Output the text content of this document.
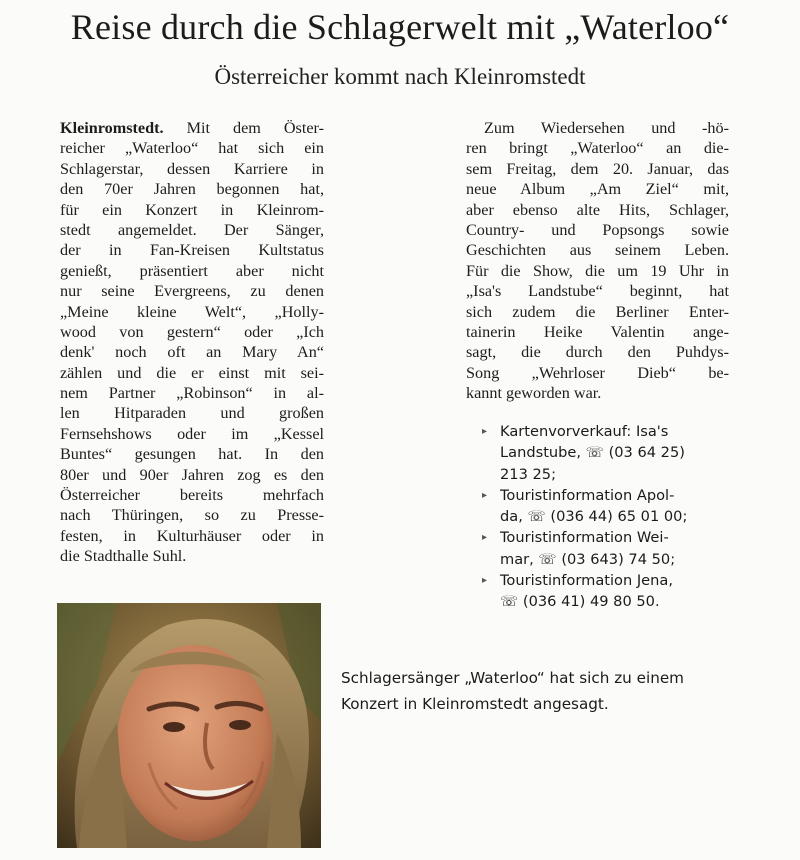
Reise durch die Schlagerwelt mit „Waterloo“
Österreicher kommt nach Kleinromstedt
Kleinromstedt. Mit dem Öster-
reicher „Waterloo“ hat sich ein
Schlagerstar, dessen Karriere in
den 70er Jahren begonnen hat,
für ein Konzert in Kleinrom-
stedt angemeldet. Der Sänger,
der in Fan-Kreisen Kultstatus
genießt, präsentiert aber nicht
nur seine Evergreens, zu denen
„Meine kleine Welt“, „Holly-
wood von gestern“ oder „Ich
denk' noch oft an Mary An“
zählen und die er einst mit sei-
nem Partner „Robinson“ in al-
len Hitparaden und großen
Fernsehshows oder im „Kessel
Buntes“ gesungen hat. In den
80er und 90er Jahren zog es den
Österreicher bereits mehrfach
nach Thüringen, so zu Presse-
festen, in Kulturhäuser oder in
die Stadthalle Suhl.
Zum Wiedersehen und -hö-
ren bringt „Waterloo“ an die-
sem Freitag, dem 20. Januar, das
neue Album „Am Ziel“ mit,
aber ebenso alte Hits, Schlager,
Country- und Popsongs sowie
Geschichten aus seinem Leben.
Für die Show, die um 19 Uhr in
„Isa's Landstube“ beginnt, hat
sich zudem die Berliner Enter-
tainerin Heike Valentin ange-
sagt, die durch den Puhdys-
Song „Wehrloser Dieb“ be-
kannt geworden war.
▸ Kartenvorverkauf: Isa's
Landstube, ☏ (03 64 25)
213 25;
▸ Touristinformation Apol-
da, ☏ (036 44) 65 01 00;
▸ Touristinformation Wei-
mar, ☏ (03 643) 74 50;
▸ Touristinformation Jena,
☏ (036 41) 49 80 50.
Schlagersänger „Waterloo“ hat sich zu einem
Konzert in Kleinromstedt angesagt.
